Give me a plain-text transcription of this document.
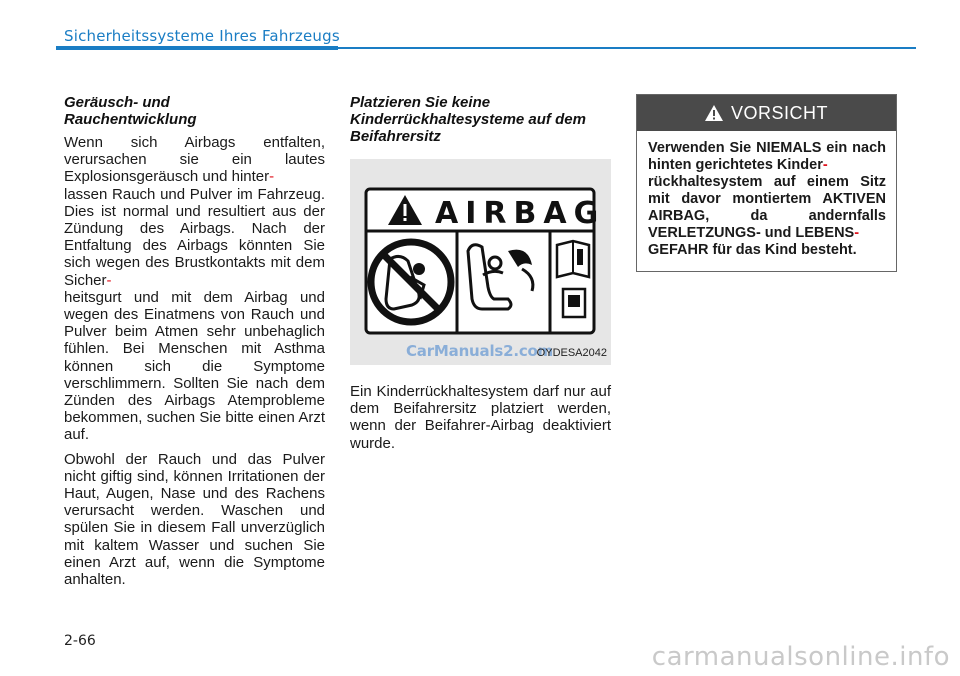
Sicherheitssysteme Ihres Fahrzeugs
Geräusch- und
Rauchentwicklung

Wenn sich Airbags entfalten, verursachen sie ein lautes Explosionsgeräusch und hinter-
lassen Rauch und Pulver im Fahrzeug. Dies ist normal und resultiert aus der Zündung des Airbags. Nach der Entfaltung des Airbags könnten Sie sich wegen des Brustkontakts mit dem Sicher-
heitsgurt und mit dem Airbag und wegen des Einatmens von Rauch und Pulver beim Atmen sehr unbehaglich fühlen. Bei Menschen mit Asthma können sich die Symptome verschlimmern. Sollten Sie nach dem Zünden des Airbags Atemprobleme bekommen, suchen Sie bitte einen Arzt auf.

Obwohl der Rauch und das Pulver nicht giftig sind, können Irritationen der Haut, Augen, Nase und des Rachens verursacht werden. Waschen und spülen Sie in diesem Fall unverzüglich mit kaltem Wasser und suchen Sie einen Arzt auf, wenn die Symptome anhalten.

Platzieren Sie keine Kinderrückhaltesysteme auf dem Beifahrersitz
AIRBAG
CarManuals2.com
OYDESA2042

Ein Kinderrückhaltesystem darf nur auf dem Beifahrersitz platziert werden, wenn der Beifahrer-Airbag deaktiviert wurde.

VORSICHT
Verwenden Sie NIEMALS ein nach hinten gerichtetes Kinder-
rückhaltesystem auf einem Sitz mit davor montiertem AKTIVEN AIRBAG, da andernfalls VERLETZUNGS- und LEBENS-
GEFAHR für das Kind besteht.
2-66
carmanualsonline.info
